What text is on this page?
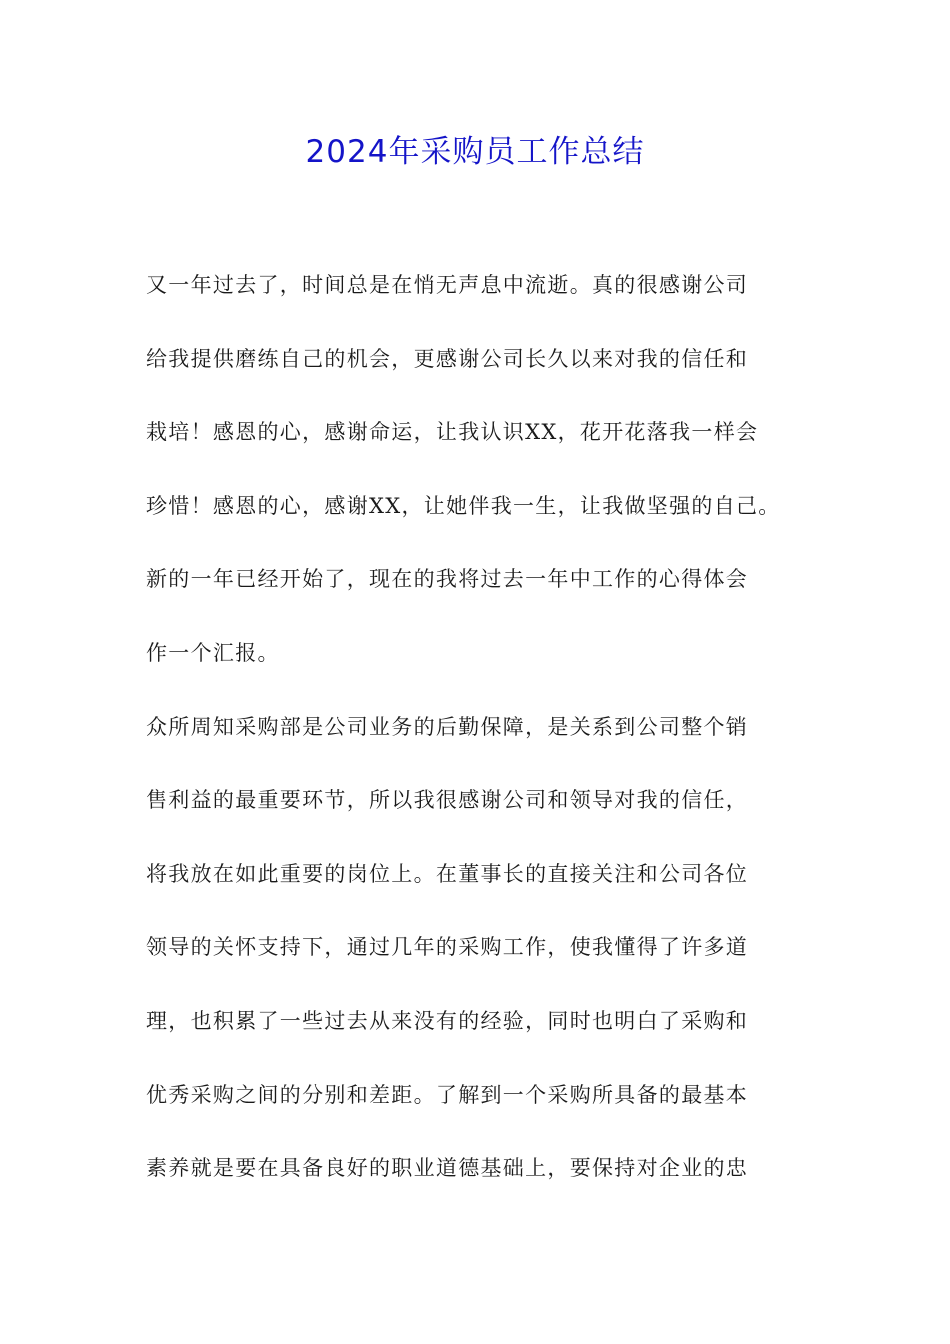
2024年采购员工作总结
又一年过去了，时间总是在悄无声息中流逝。真的很感谢公司
给我提供磨练自己的机会，更感谢公司长久以来对我的信任和
栽培！感恩的心，感谢命运，让我认识XX，花开花落我一样会
珍惜！感恩的心，感谢XX，让她伴我一生，让我做坚强的自己。
新的一年已经开始了，现在的我将过去一年中工作的心得体会
作一个汇报。
众所周知采购部是公司业务的后勤保障，是关系到公司整个销
售利益的最重要环节，所以我很感谢公司和领导对我的信任，
将我放在如此重要的岗位上。在董事长的直接关注和公司各位
领导的关怀支持下，通过几年的采购工作，使我懂得了许多道
理，也积累了一些过去从来没有的经验，同时也明白了采购和
优秀采购之间的分别和差距。了解到一个采购所具备的最基本
素养就是要在具备良好的职业道德基础上，要保持对企业的忠
